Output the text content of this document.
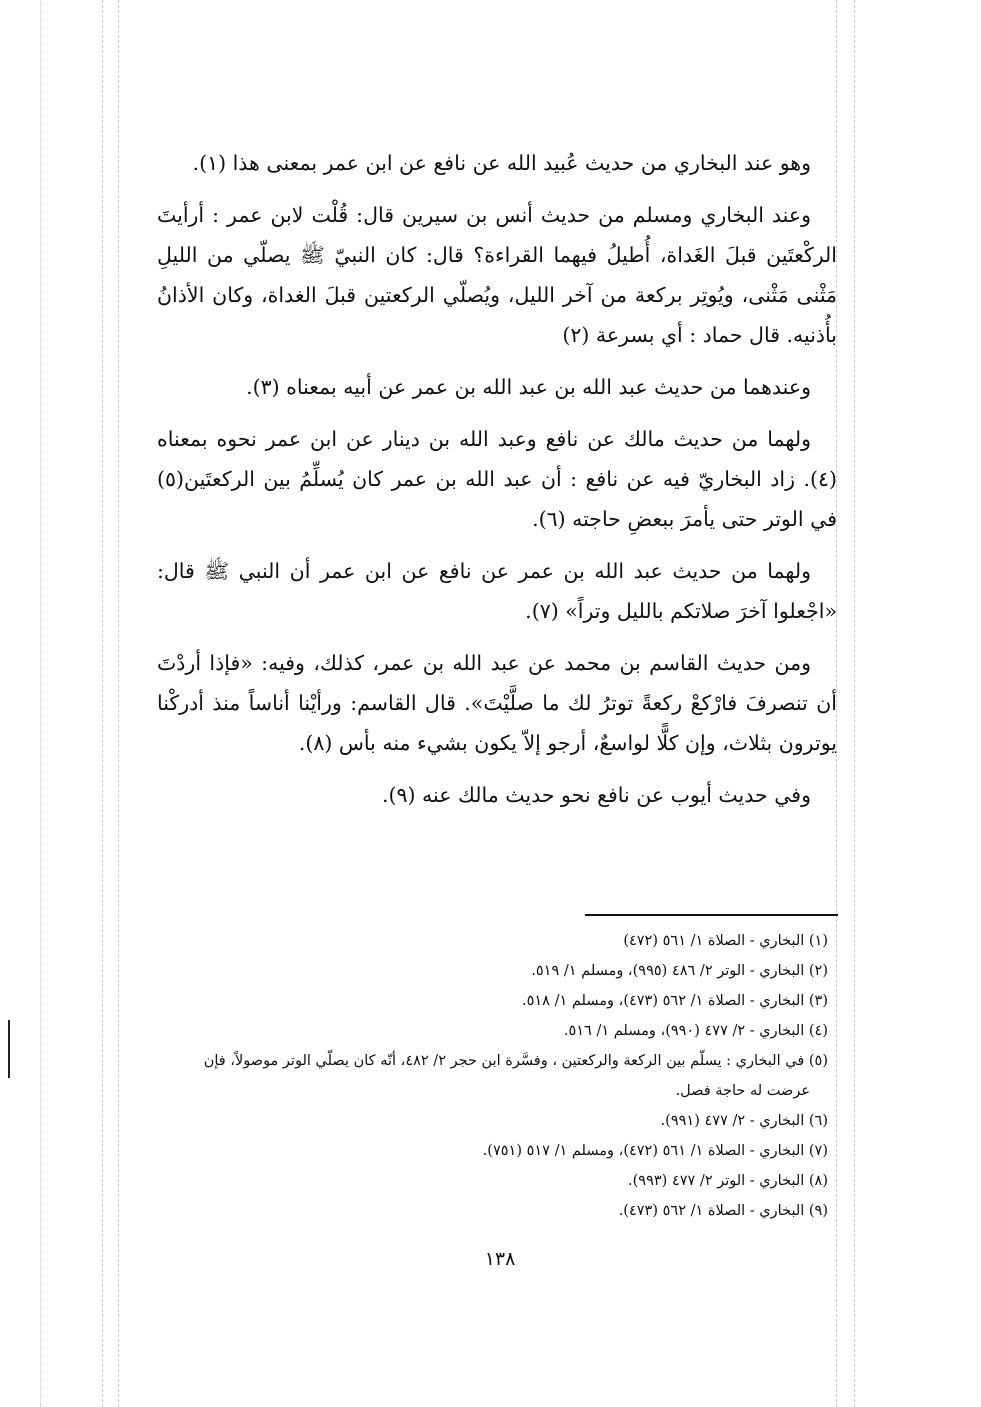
وهو عند البخاري من حديث عُبيد الله عن نافع عن ابن عمر بمعنى هذا (١).

وعند البخاري ومسلم من حديث أنس بن سيرين قال: قُلْت لابن عمر : أرأيتَ الركْعتَين قبلَ الغَداة، أُطيلُ فيهما القراءة؟ قال: كان النبيّ ﷺ يصلّي من الليلِ مَثْنى مَثْنى، ويُوتِر بركعة من آخر الليل، ويُصلّي الركعتين قبلَ الغداة، وكان الأذانُ بأُذنيه. قال حماد : أي بسرعة (٢)

وعندهما من حديث عبد الله بن عبد الله بن عمر عن أبيه بمعناه (٣).

ولهما من حديث مالك عن نافع وعبد الله بن دينار عن ابن عمر نحوه بمعناه (٤). زاد البخاريّ فيه عن نافع : أن عبد الله بن عمر كان يُسلِّمُ بين الركعتَين(٥) في الوتر حتى يأمرَ ببعضِ حاجته (٦).

ولهما من حديث عبد الله بن عمر عن نافع عن ابن عمر أن النبي ﷺ قال: «اجْعلوا آخرَ صلاتكم بالليل وتراً» (٧).

ومن حديث القاسم بن محمد عن عبد الله بن عمر، كذلك، وفيه: «فإذا أردْتَ أن تنصرفَ فارْكعْ ركعةً توترُ لك ما صلَّيْتَ». قال القاسم: ورأيْنا أناساً منذ أدركْنا يوترون بثلاث، وإن كلًّا لواسعٌ، أرجو إلاّ يكون بشيء منه بأس (٨).

وفي حديث أيوب عن نافع نحو حديث مالك عنه (٩).

(١) البخاري - الصلاة ١/ ٥٦١ (٤٧٢)

(٢) البخاري - الوتر ٢/ ٤٨٦ (٩٩٥)، ومسلم ١/ ٥١٩.

(٣) البخاري - الصلاة ١/ ٥٦٢ (٤٧٣)، ومسلم ١/ ٥١٨.

(٤) البخاري - ٢/ ٤٧٧ (٩٩٠)، ومسلم ١/ ٥١٦.

(٥) في البخاري : يسلّم بين الركعة والركعتين ، وفسَّرة ابن حجر ٢/ ٤٨٢، أنّه كان يصلّي الوتر موصولاً، فإن

عرضت له حاجة فصل.

(٦) البخاري - ٢/ ٤٧٧ (٩٩١).

(٧) البخاري - الصلاة ١/ ٥٦١ (٤٧٢)، ومسلم ١/ ٥١٧ (٧٥١).

(٨) البخاري - الوتر ٢/ ٤٧٧ (٩٩٣).

(٩) البخاري - الصلاة ١/ ٥٦٢ (٤٧٣).

١٣٨
